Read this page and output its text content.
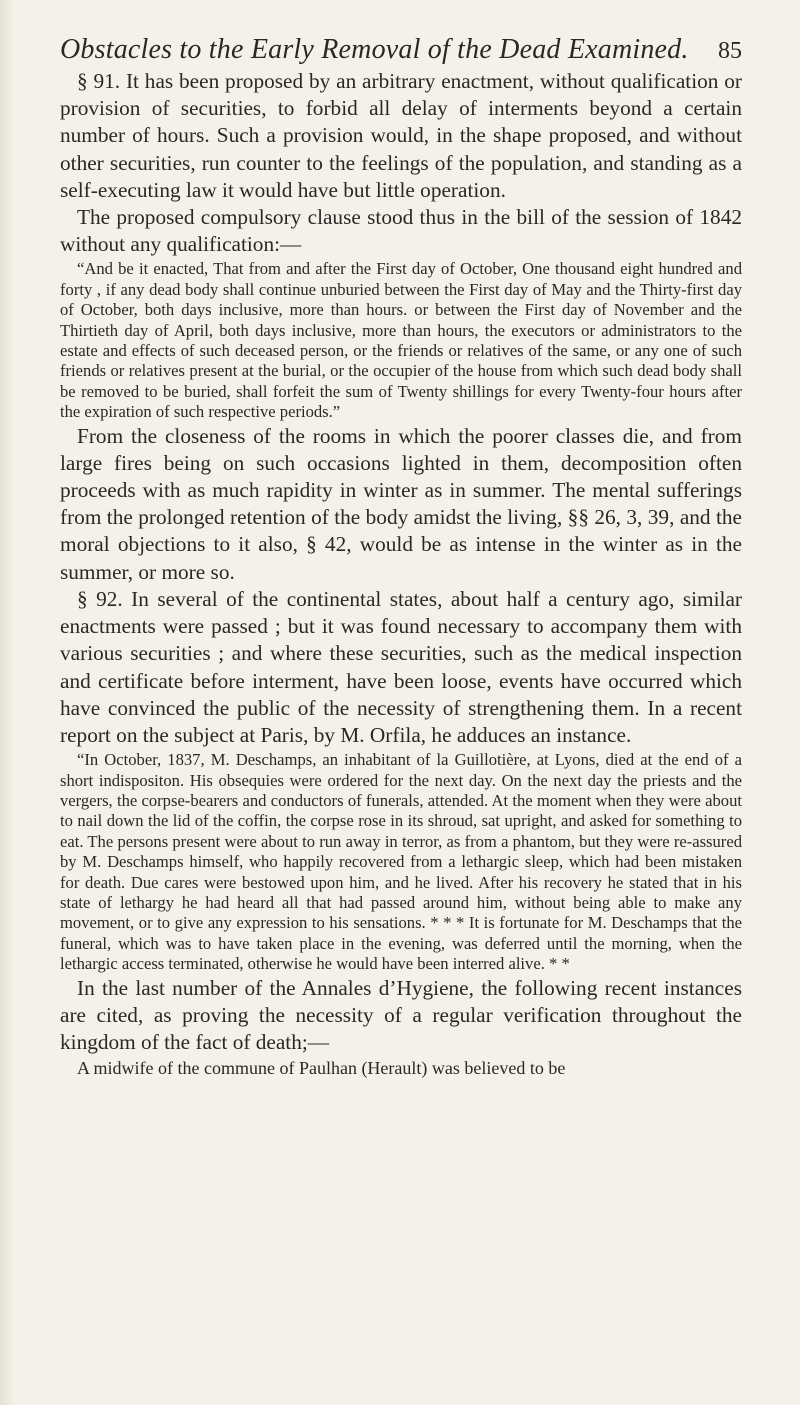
Obstacles to the Early Removal of the Dead Examined. 85

§ 91. It has been proposed by an arbitrary enactment, without qualification or provision of securities, to forbid all delay of interments beyond a certain number of hours. Such a provision would, in the shape proposed, and without other securities, run counter to the feelings of the population, and standing as a self-executing law it would have but little operation.

The proposed compulsory clause stood thus in the bill of the session of 1842 without any qualification:—

“And be it enacted, That from and after the First day of October, One thousand eight hundred and forty , if any dead body shall continue unburied between the First day of May and the Thirty-first day of October, both days inclusive, more than hours. or between the First day of November and the Thirtieth day of April, both days inclusive, more than hours, the executors or administrators to the estate and effects of such deceased person, or the friends or relatives of the same, or any one of such friends or relatives present at the burial, or the occupier of the house from which such dead body shall be removed to be buried, shall forfeit the sum of Twenty shillings for every Twenty-four hours after the expiration of such respective periods.”

From the closeness of the rooms in which the poorer classes die, and from large fires being on such occasions lighted in them, decomposition often proceeds with as much rapidity in winter as in summer. The mental sufferings from the prolonged retention of the body amidst the living, §§ 26, 3, 39, and the moral objections to it also, § 42, would be as intense in the winter as in the summer, or more so.

§ 92. In several of the continental states, about half a century ago, similar enactments were passed ; but it was found necessary to accompany them with various securities ; and where these securities, such as the medical inspection and certificate before interment, have been loose, events have occurred which have convinced the public of the necessity of strengthening them. In a recent report on the subject at Paris, by M. Orfila, he adduces an instance.

“In October, 1837, M. Deschamps, an inhabitant of la Guillotière, at Lyons, died at the end of a short indispositon. His obsequies were ordered for the next day. On the next day the priests and the vergers, the corpse-bearers and conductors of funerals, attended. At the moment when they were about to nail down the lid of the coffin, the corpse rose in its shroud, sat upright, and asked for something to eat. The persons present were about to run away in terror, as from a phantom, but they were re-assured by M. Deschamps himself, who happily recovered from a lethargic sleep, which had been mistaken for death. Due cares were bestowed upon him, and he lived. After his recovery he stated that in his state of lethargy he had heard all that had passed around him, without being able to make any movement, or to give any expression to his sensations. * * * It is fortunate for M. Deschamps that the funeral, which was to have taken place in the evening, was deferred until the morning, when the lethargic access terminated, otherwise he would have been interred alive. * *

In the last number of the Annales d’Hygiene, the following recent instances are cited, as proving the necessity of a regular verification throughout the kingdom of the fact of death;—

A midwife of the commune of Paulhan (Herault) was believed to be
